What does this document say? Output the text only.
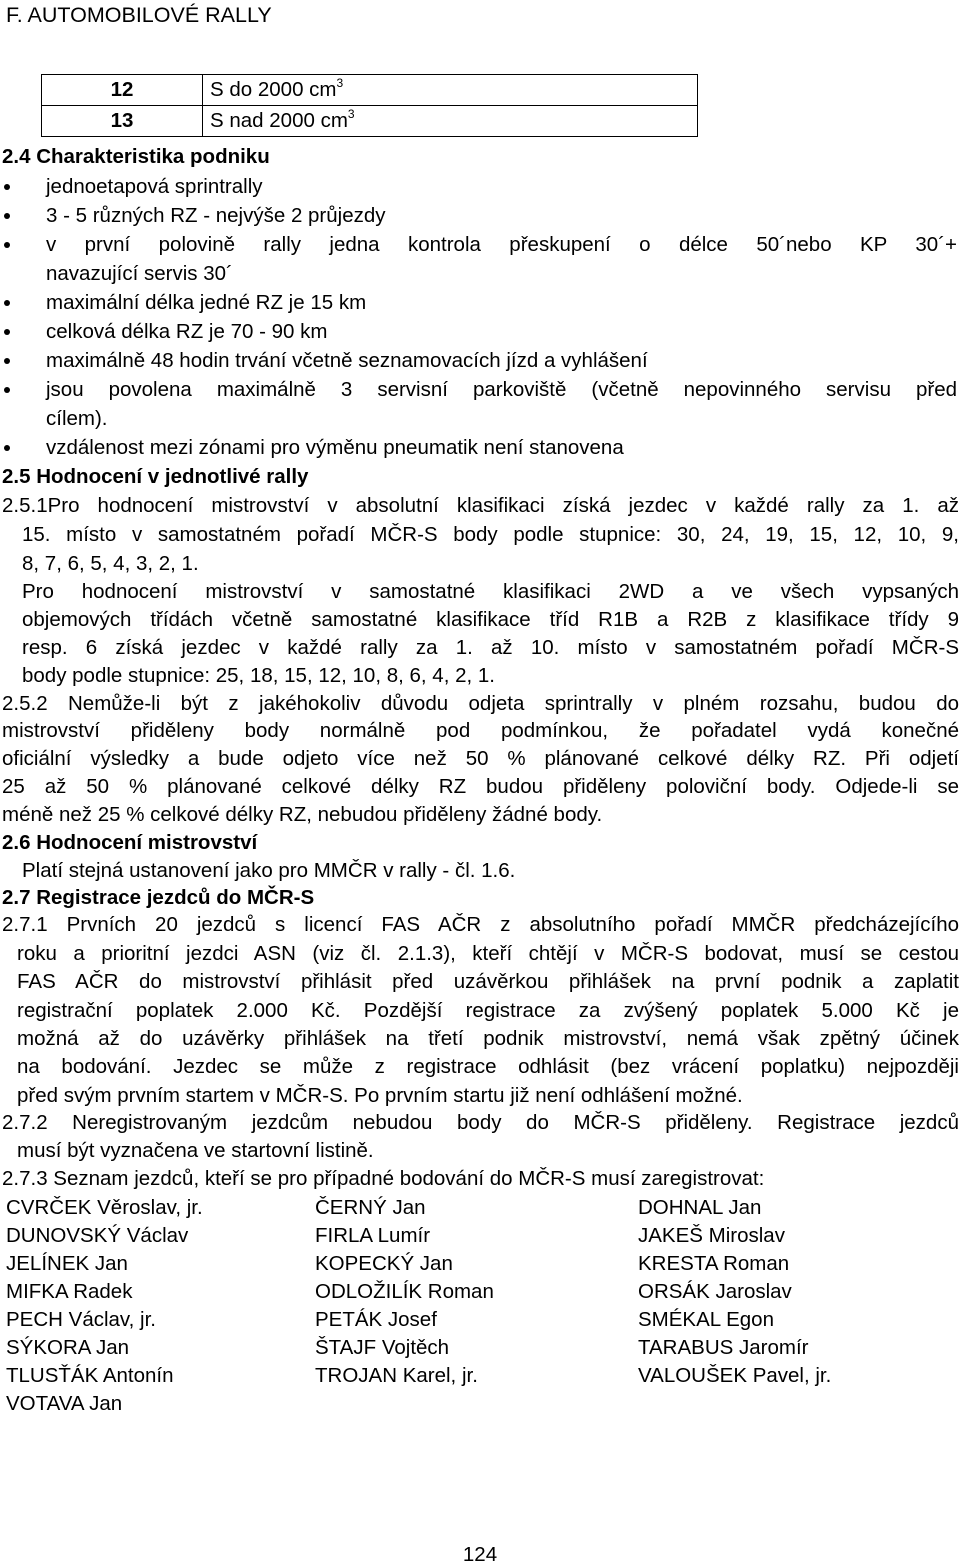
F. AUTOMOBILOVÉ RALLY
12	S do 2000 $cm^3$
13	S nad 2000 $cm^3$
2.4 Charakteristika podniku
jednoetapová sprintrally
3 - 5 různých RZ - nejvýše 2 průjezdy
v první polovině rally jedna kontrola přeskupení o délce 50´nebo KP 30´+
navazující servis 30´
maximální délka jedné RZ je 15 km
celková délka RZ je 70 - 90 km
maximálně 48 hodin trvání včetně seznamovacích jízd a vyhlášení
jsou povolena maximálně 3 servisní parkoviště (včetně nepovinného servisu před
cílem).
vzdálenost mezi zónami pro výměnu pneumatik není stanovena
2.5 Hodnocení v jednotlivé rally
2.5.1Pro hodnocení mistrovství v absolutní klasifikaci získá jezdec v každé rally za 1. až
15. místo v samostatném pořadí MČR-S body podle stupnice: 30, 24, 19, 15, 12, 10, 9,
8, 7, 6, 5, 4, 3, 2, 1.
Pro hodnocení mistrovství v samostatné klasifikaci 2WD a ve všech vypsaných
objemových třídách včetně samostatné klasifikace tříd R1B a R2B z klasifikace třídy 9
resp. 6 získá jezdec v každé rally za 1. až 10. místo v samostatném pořadí MČR-S
body podle stupnice: 25, 18, 15, 12, 10, 8, 6, 4, 2, 1.
2.5.2 Nemůže-li být z jakéhokoliv důvodu odjeta sprintrally v plném rozsahu, budou do
mistrovství přiděleny body normálně pod podmínkou, že pořadatel vydá konečné
oficiální výsledky a bude odjeto více než 50 % plánované celkové délky RZ. Při odjetí
25 až 50 % plánované celkové délky RZ budou přiděleny poloviční body. Odjede-li se
méně než 25 % celkové délky RZ, nebudou přiděleny žádné body.
2.6 Hodnocení mistrovství
Platí stejná ustanovení jako pro MMČR v rally - čl. 1.6.
2.7 Registrace jezdců do MČR-S
2.7.1 Prvních 20 jezdců s licencí FAS AČR z absolutního pořadí MMČR předcházejícího
roku a prioritní jezdci ASN (viz čl. 2.1.3), kteří chtějí v MČR-S bodovat, musí se cestou
FAS AČR do mistrovství přihlásit před uzávěrkou přihlášek na první podnik a zaplatit
registrační poplatek 2.000 Kč. Pozdější registrace za zvýšený poplatek 5.000 Kč je
možná až do uzávěrky přihlášek na třetí podnik mistrovství, nemá však zpětný účinek
na bodování. Jezdec se může z registrace odhlásit (bez vrácení poplatku) nejpozději
před svým prvním startem v MČR-S. Po prvním startu již není odhlášení možné.
2.7.2 Neregistrovaným jezdcům nebudou body do MČR-S přiděleny. Registrace jezdců
musí být vyznačena ve startovní listině.
2.7.3 Seznam jezdců, kteří se pro případné bodování do MČR-S musí zaregistrovat:
CVRČEK Věroslav, jr.	ČERNÝ Jan	DOHNAL Jan
DUNOVSKÝ Václav	FIRLA Lumír	JAKEŠ Miroslav
JELÍNEK Jan	KOPECKÝ Jan	KRESTA Roman
MIFKA Radek	ODLOŽILÍK Roman	ORSÁK Jaroslav
PECH Václav, jr.	PETÁK Josef	SMÉKAL Egon
SÝKORA Jan	ŠTAJF Vojtěch	TARABUS Jaromír
TLUSŤÁK Antonín	TROJAN Karel, jr.	VALOUŠEK Pavel, jr.
VOTAVA Jan
124
